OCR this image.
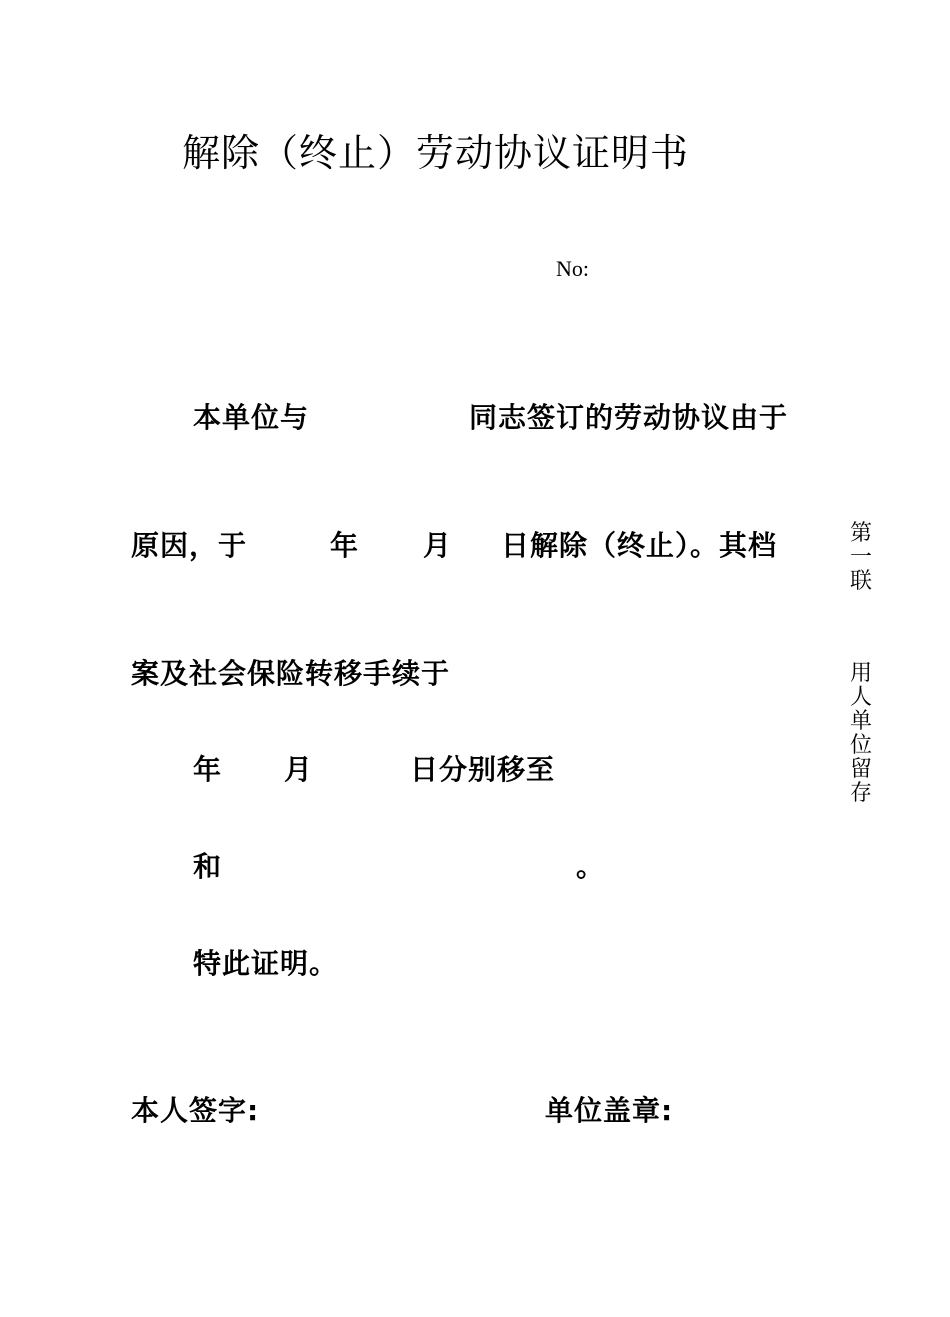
解除（终止）劳动协议证明书
No:
本单位与	同志签订的劳动协议由于
原因，于	年 月 日解除（终止）。其档
案及社会保险转移手续于
年 月	日分别移至
和	。
特此证明。
本人签字:	单位盖章:
第
一
联
用
人
单
位
留
存
